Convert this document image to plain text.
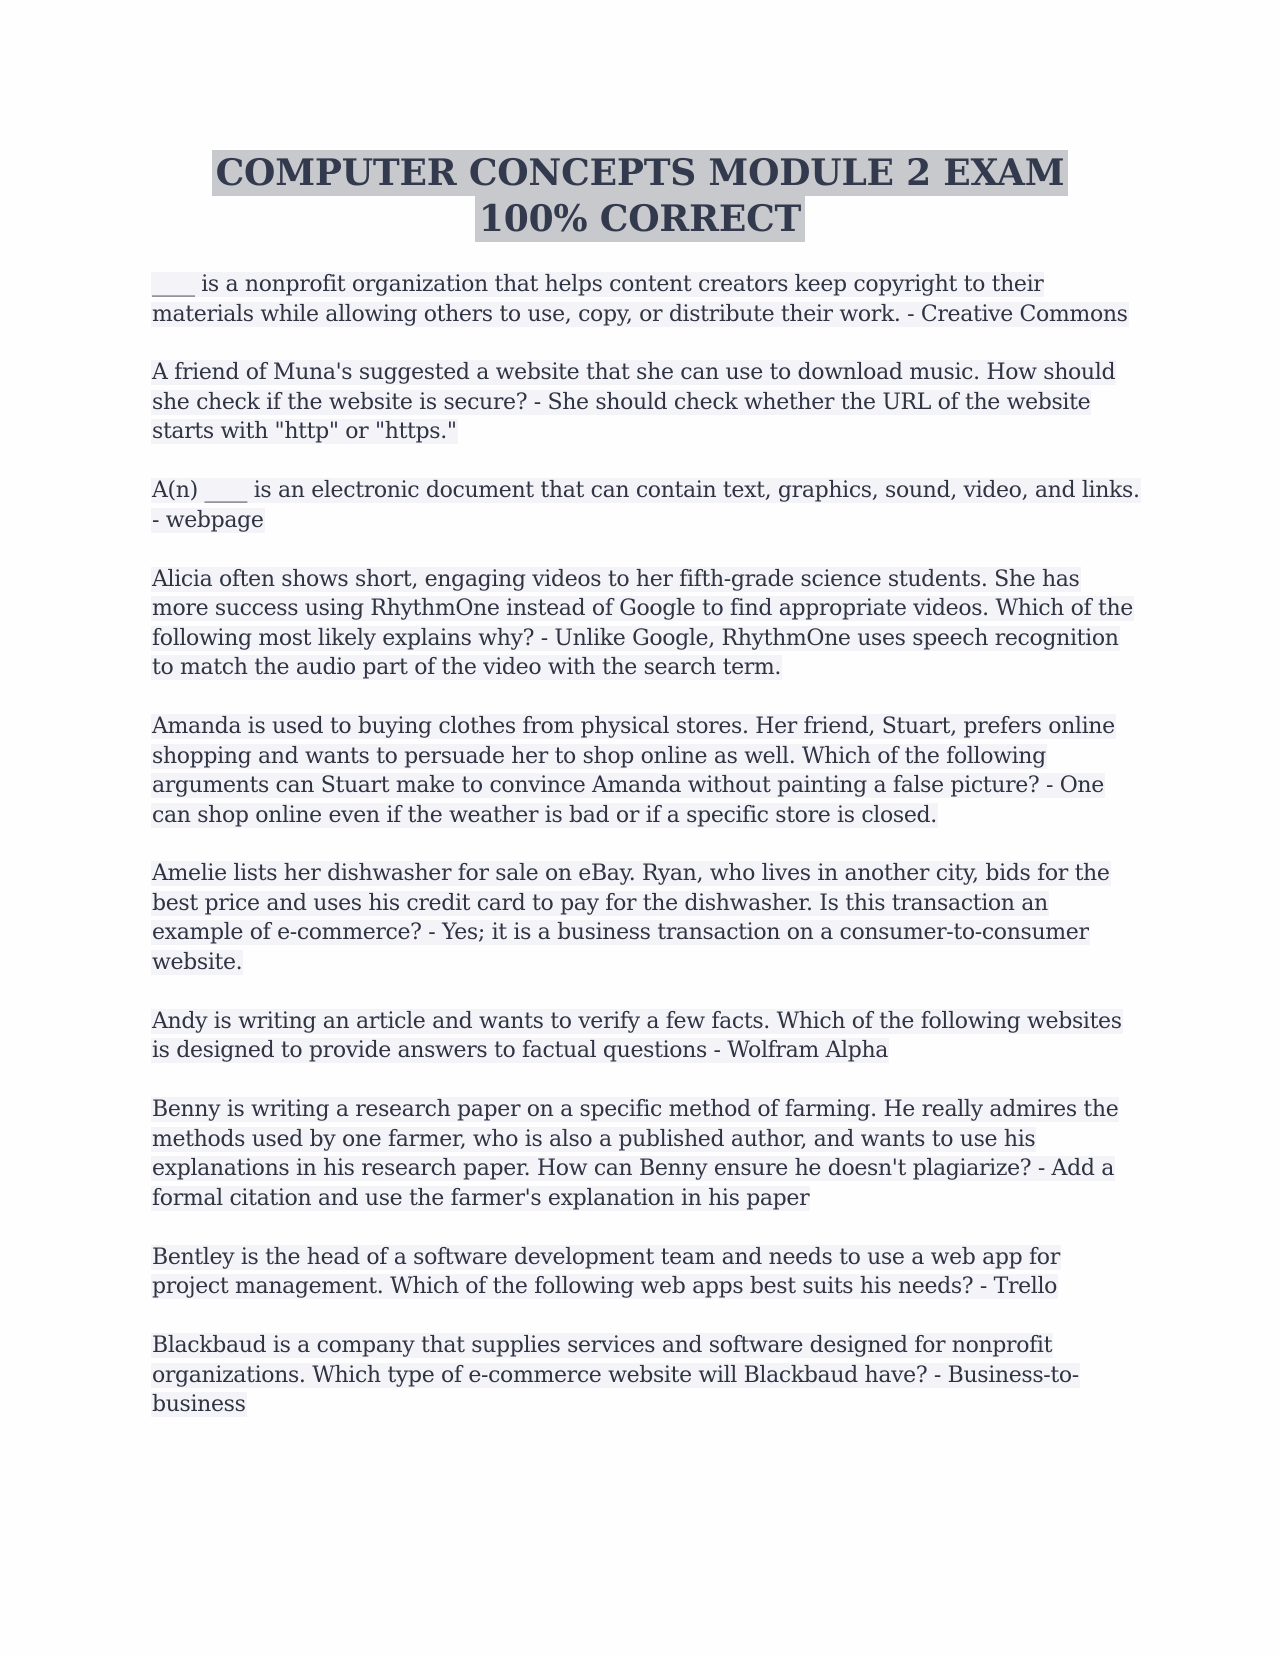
COMPUTER CONCEPTS MODULE 2 EXAM
100% CORRECT

____ is a nonprofit organization that helps content creators keep copyright to their materials while allowing others to use, copy, or distribute their work. - Creative Commons

A friend of Muna's suggested a website that she can use to download music. How should she check if the website is secure? - She should check whether the URL of the website starts with "http" or "https."

A(n) ____ is an electronic document that can contain text, graphics, sound, video, and links. - webpage

Alicia often shows short, engaging videos to her fifth-grade science students. She has more success using RhythmOne instead of Google to find appropriate videos. Which of the following most likely explains why? - Unlike Google, RhythmOne uses speech recognition to match the audio part of the video with the search term.

Amanda is used to buying clothes from physical stores. Her friend, Stuart, prefers online shopping and wants to persuade her to shop online as well. Which of the following arguments can Stuart make to convince Amanda without painting a false picture? - One can shop online even if the weather is bad or if a specific store is closed.

Amelie lists her dishwasher for sale on eBay. Ryan, who lives in another city, bids for the best price and uses his credit card to pay for the dishwasher. Is this transaction an example of e-commerce? - Yes; it is a business transaction on a consumer-to-consumer website.

Andy is writing an article and wants to verify a few facts. Which of the following websites is designed to provide answers to factual questions - Wolfram Alpha

Benny is writing a research paper on a specific method of farming. He really admires the methods used by one farmer, who is also a published author, and wants to use his explanations in his research paper. How can Benny ensure he doesn't plagiarize? - Add a formal citation and use the farmer's explanation in his paper

Bentley is the head of a software development team and needs to use a web app for project management. Which of the following web apps best suits his needs? - Trello

Blackbaud is a company that supplies services and software designed for nonprofit organizations. Which type of e-commerce website will Blackbaud have? - Business-to-business
